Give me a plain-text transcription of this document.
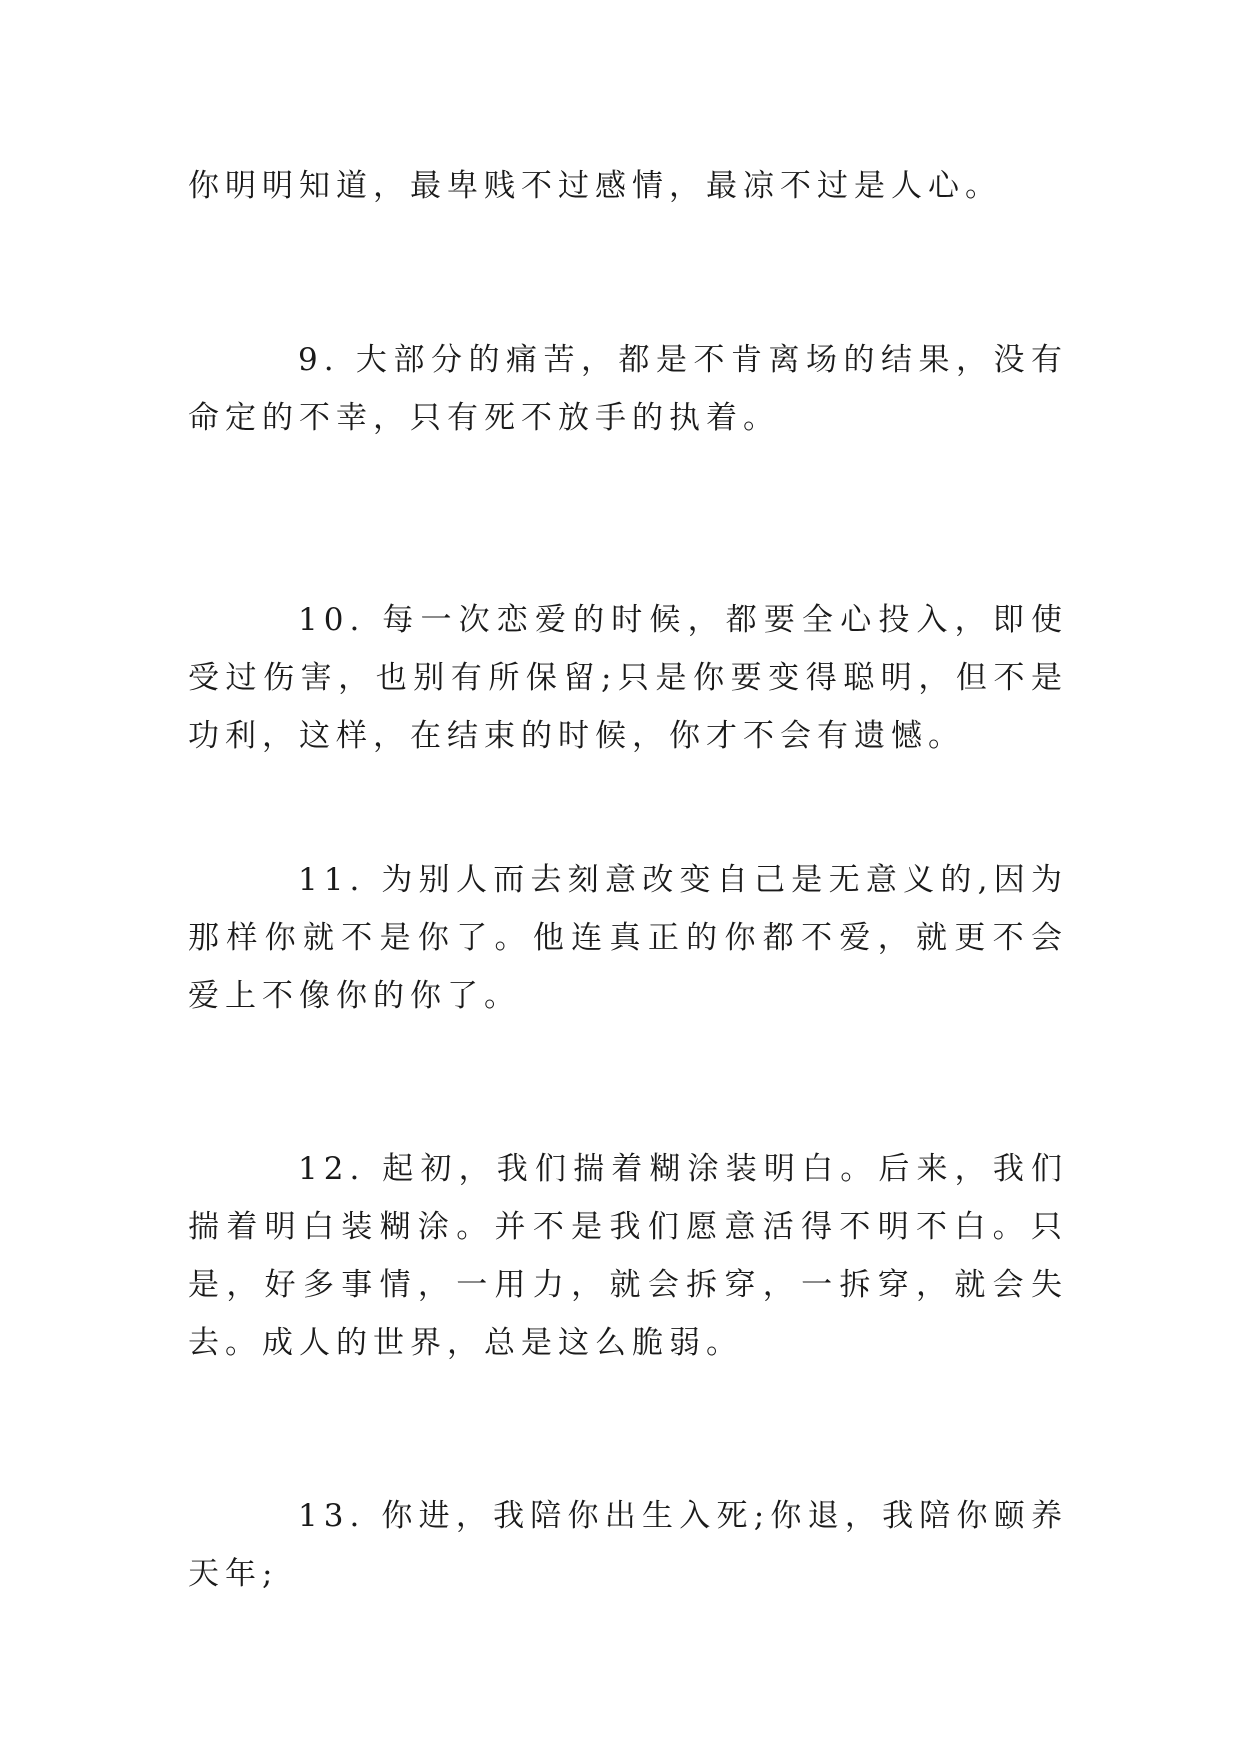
你明明知道，最卑贱不过感情，最凉不过是人心。

9. 大部分的痛苦，都是不肯离场的结果，没有命定的不幸，只有死不放手的执着。

10. 每一次恋爱的时候，都要全心投入，即使受过伤害，也别有所保留;只是你要变得聪明，但不是功利，这样，在结束的时候，你才不会有遗憾。

11. 为别人而去刻意改变自己是无意义的,因为那样你就不是你了。他连真正的你都不爱，就更不会爱上不像你的你了。

12. 起初，我们揣着糊涂装明白。后来，我们揣着明白装糊涂。并不是我们愿意活得不明不白。只是，好多事情，一用力，就会拆穿，一拆穿，就会失去。成人的世界，总是这么脆弱。

13. 你进，我陪你出生入死;你退，我陪你颐养天年;
